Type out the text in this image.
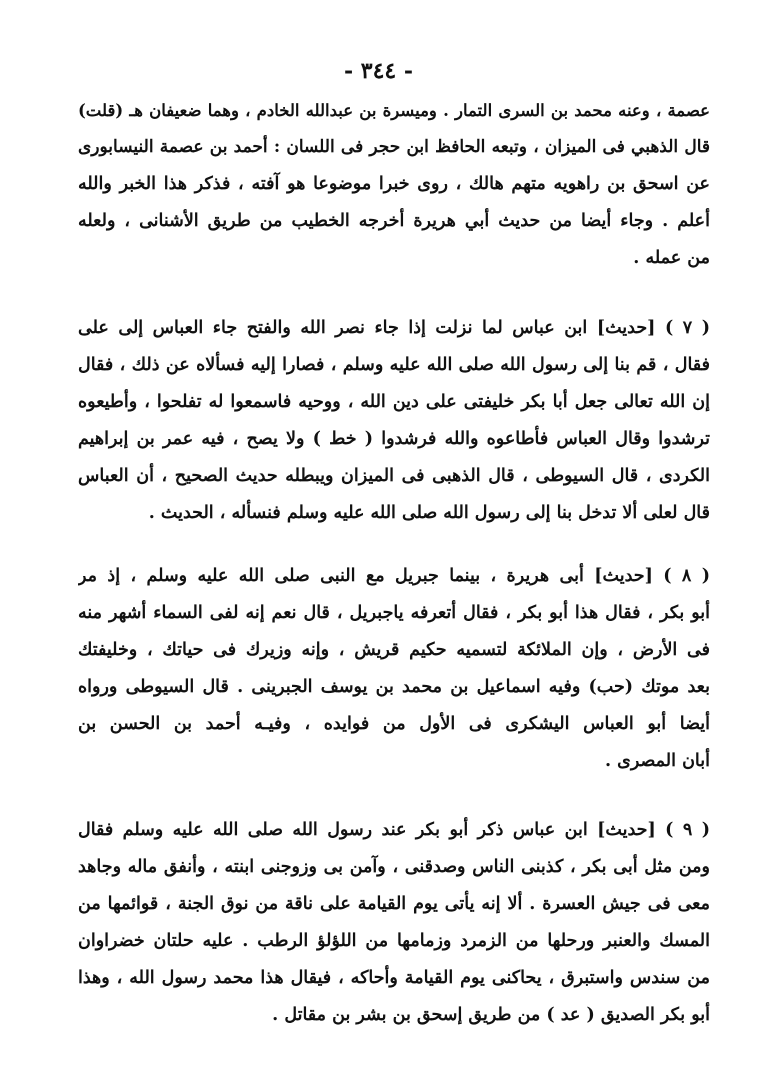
- ٣٤٤ -
عصمة ، وعنه محمد بن السرى التمار . وميسرة بن عبدالله الخادم ، وهما ضعيفان هـ (قلت)
قال الذهبي فى الميزان ، وتبعه الحافظ ابن حجر فى اللسان : أحمد بن عصمة النيسابورى
عن اسحق بن راهويه متهم هالك ، روى خبرا موضوعا هو آفته ، فذكر هذا الخبر والله
أعلم . وجاء أيضا من حديث أبي هريرة أخرجه الخطيب من طريق الأشنانى ، ولعله
من عمله .
( ٧ ) [حديث] ابن عباس لما نزلت إذا جاء نصر الله والفتح جاء العباس إلى على
فقال ، قم بنا إلى رسول الله صلى الله عليه وسلم ، فصارا إليه فسألاه عن ذلك ، فقال
إن الله تعالى جعل أبا بكر خليفتى على دين الله ، ووحيه فاسمعوا له تفلحوا ، وأطيعوه
ترشدوا وقال العباس فأطاعوه والله فرشدوا ( خط ) ولا يصح ، فيه عمر بن إبراهيم
الكردى ، قال السيوطى ، قال الذهبى فى الميزان ويبطله حديث الصحيح ، أن العباس
قال لعلى ألا تدخل بنا إلى رسول الله صلى الله عليه وسلم فنسأله ، الحديث .
( ٨ ) [حديث] أبى هريرة ، بينما جبريل مع النبى صلى الله عليه وسلم ، إذ مر
أبو بكر ، فقال هذا أبو بكر ، فقال أتعرفه ياجبريل ، قال نعم إنه لفى السماء أشهر منه
فى الأرض ، وإن الملائكة لتسميه حكيم قريش ، وإنه وزيرك فى حياتك ، وخليفتك
بعد موتك (حب) وفيه اسماعيل بن محمد بن يوسف الجبرينى . قال السيوطى ورواه
أيضا أبو العباس اليشكرى فى الأول من فوايده ، وفيـه أحمد بن الحسن بن
أبان المصرى .
( ٩ ) [حديث] ابن عباس ذكر أبو بكر عند رسول الله صلى الله عليه وسلم فقال
ومن مثل أبى بكر ، كذبنى الناس وصدقنى ، وآمن بى وزوجنى ابنته ، وأنفق ماله وجاهد
معى فى جيش العسرة . ألا إنه يأتى يوم القيامة على ناقة من نوق الجنة ، قوائمها من
المسك والعنبر ورحلها من الزمرد وزمامها من اللؤلؤ الرطب . عليه حلتان خضراوان
من سندس واستبرق ، يحاكنى يوم القيامة وأحاكه ، فيقال هذا محمد رسول الله ، وهذا
أبو بكر الصديق ( عد ) من طريق إسحق بن بشر بن مقاتل .
